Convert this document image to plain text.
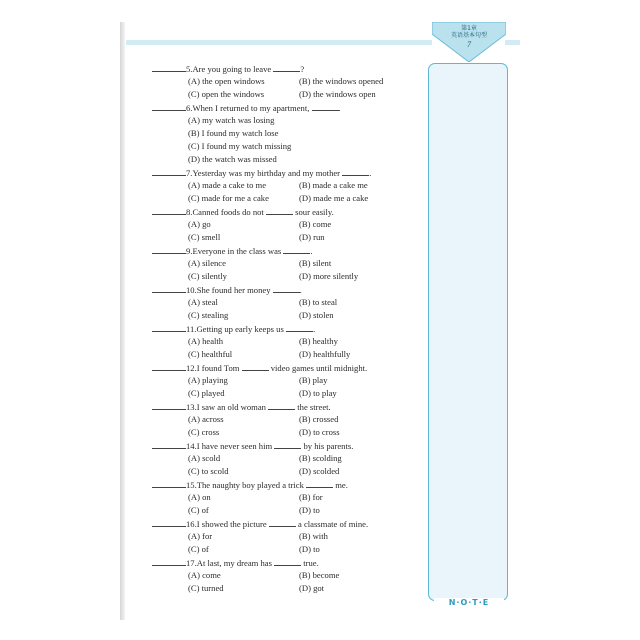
第1章
英语基本句型
7
N·O·T·E
5.Are you going to leave	?
(A) the open windows	(B) the windows opened
(C) open the windows	(D) the windows open
6.When I returned to my apartment,	.
(A) my watch was losing
(B) I found my watch lose
(C) I found my watch missing
(D) the watch was missed
7.Yesterday was my birthday and my mother	.
(A) made a cake to me	(B) made a cake me
(C) made for me a cake	(D) made me a cake
8.Canned foods do not	sour easily.
(A) go	(B) come
(C) smell	(D) run
9.Everyone in the class was	.
(A) silence	(B) silent
(C) silently	(D) more silently
10.She found her money	.
(A) steal	(B) to steal
(C) stealing	(D) stolen
11.Getting up early keeps us	.
(A) health	(B) healthy
(C) healthful	(D) healthfully
12.I found Tom	video games until midnight.
(A) playing	(B) play
(C) played	(D) to play
13.I saw an old woman	the street.
(A) across	(B) crossed
(C) cross	(D) to cross
14.I have never seen him	by his parents.
(A) scold	(B) scolding
(C) to scold	(D) scolded
15.The naughty boy played a trick	me.
(A) on	(B) for
(C) of	(D) to
16.I showed the picture	a classmate of mine.
(A) for	(B) with
(C) of	(D) to
17.At last, my dream has	true.
(A) come	(B) become
(C) turned	(D) got
